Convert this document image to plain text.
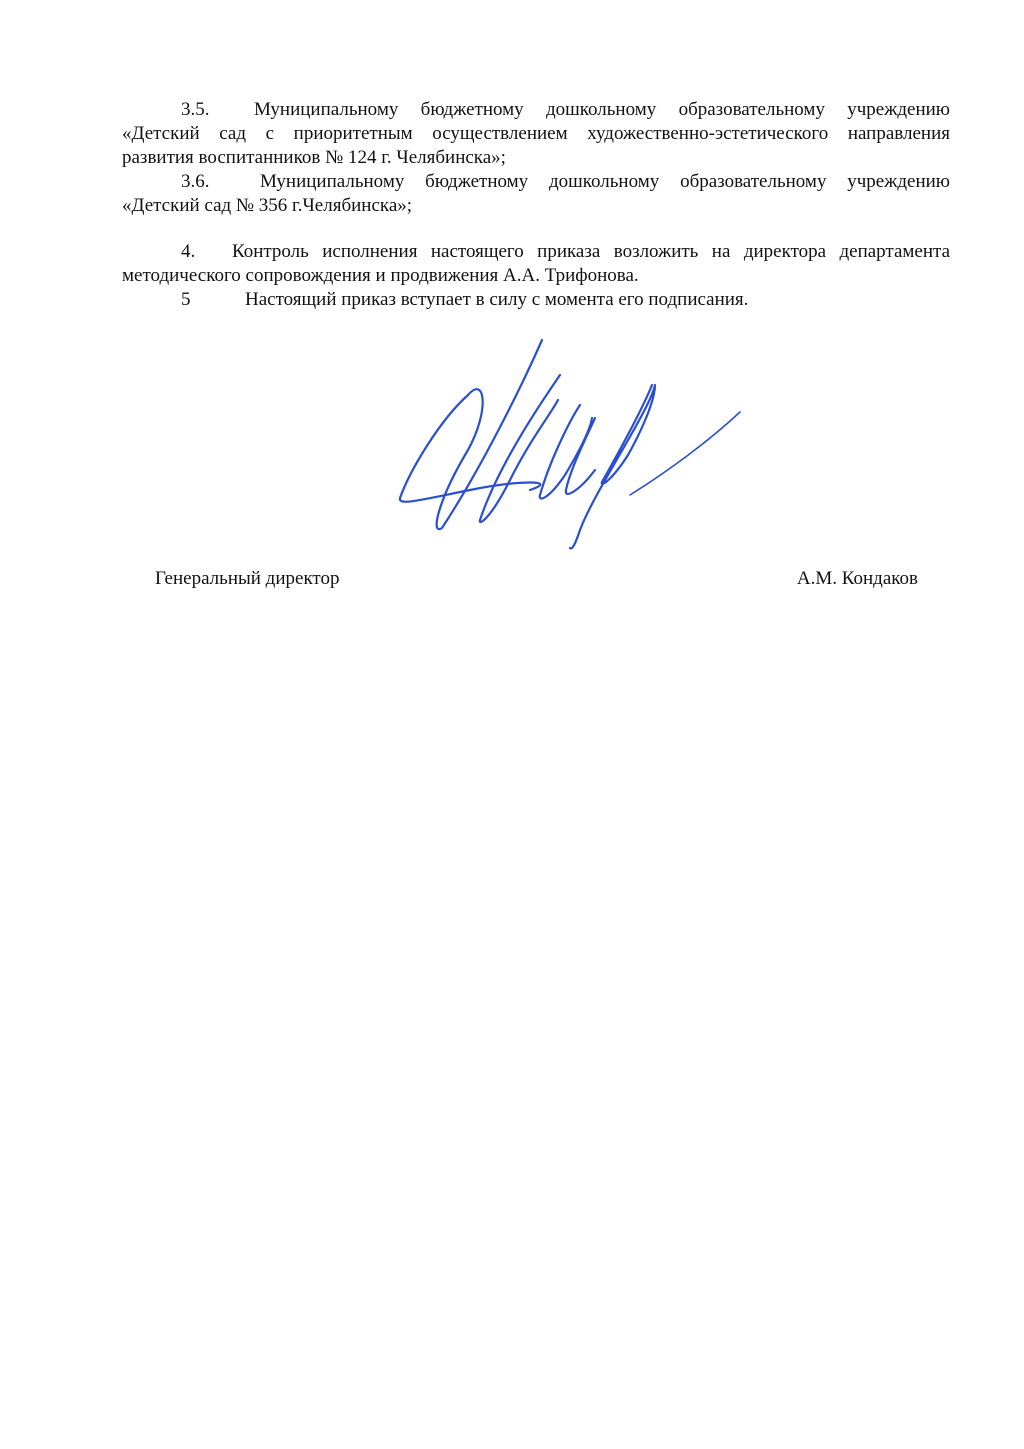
3.5. Муниципальному бюджетному дошкольному образовательному учреждению
«Детский сад с приоритетным осуществлением художественно-эстетического направления
развития воспитанников № 124 г. Челябинска»;
3.6.	Муниципальному бюджетному дошкольному образовательному учреждению
«Детский сад № 356 г.Челябинска»;
4. Контроль исполнения настоящего приказа возложить на директора департамента
методического сопровождения и продвижения А.А. Трифонова.
5	Настоящий приказ вступает в силу с момента его подписания.
Генеральный директор	А.М. Кондаков
